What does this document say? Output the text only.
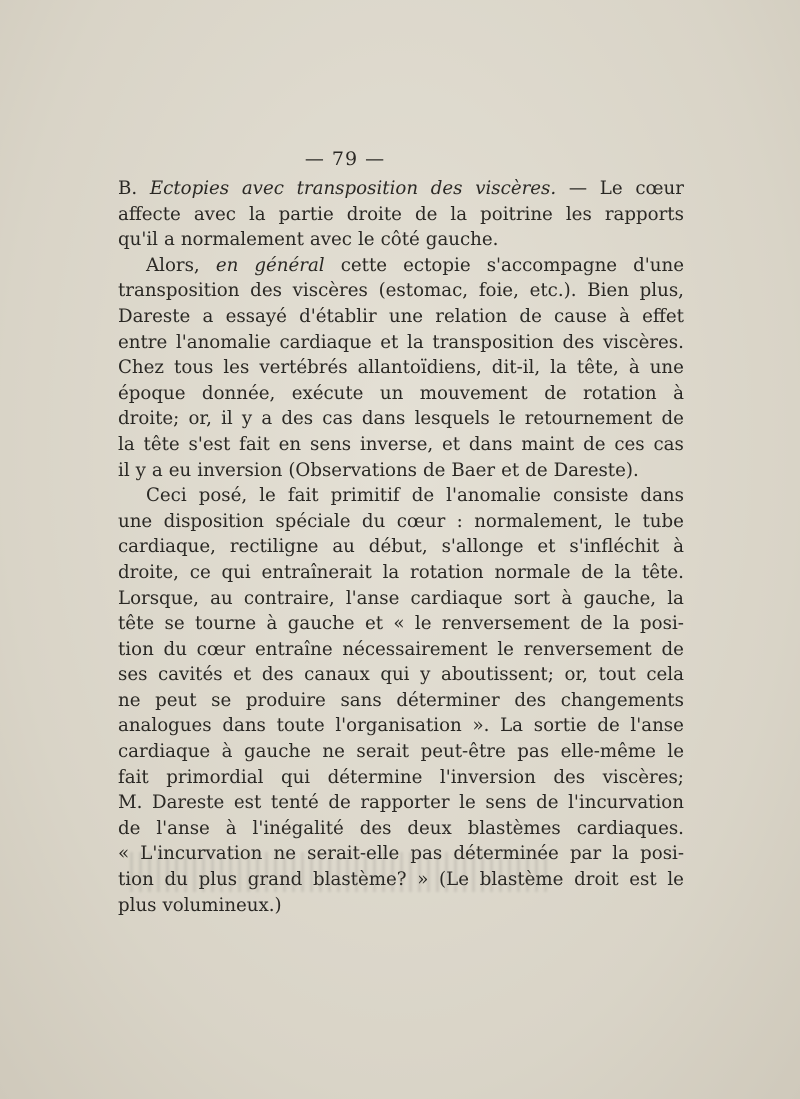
— 79 —
B. Ectopies avec transposition des viscères. — Le cœur
affecte avec la partie droite de la poitrine les rapports
qu'il a normalement avec le côté gauche.
Alors, en général cette ectopie s'accompagne d'une
transposition des viscères (estomac, foie, etc.). Bien plus,
Dareste a essayé d'établir une relation de cause à effet
entre l'anomalie cardiaque et la transposition des viscères.
Chez tous les vertébrés allantoïdiens, dit-il, la tête, à une
époque donnée, exécute un mouvement de rotation à
droite; or, il y a des cas dans lesquels le retournement de
la tête s'est fait en sens inverse, et dans maint de ces cas
il y a eu inversion (Observations de Baer et de Dareste).
Ceci posé, le fait primitif de l'anomalie consiste dans
une disposition spéciale du cœur : normalement, le tube
cardiaque, rectiligne au début, s'allonge et s'infléchit à
droite, ce qui entraînerait la rotation normale de la tête.
Lorsque, au contraire, l'anse cardiaque sort à gauche, la
tête se tourne à gauche et « le renversement de la posi-
tion du cœur entraîne nécessairement le renversement de
ses cavités et des canaux qui y aboutissent; or, tout cela
ne peut se produire sans déterminer des changements
analogues dans toute l'organisation ». La sortie de l'anse
cardiaque à gauche ne serait peut-être pas elle-même le
fait primordial qui détermine l'inversion des viscères;
M. Dareste est tenté de rapporter le sens de l'incurvation
de l'anse à l'inégalité des deux blastèmes cardiaques.
« L'incurvation ne serait-elle pas déterminée par la posi-
tion du plus grand blastème? » (Le blastème droit est le
plus volumineux.)
